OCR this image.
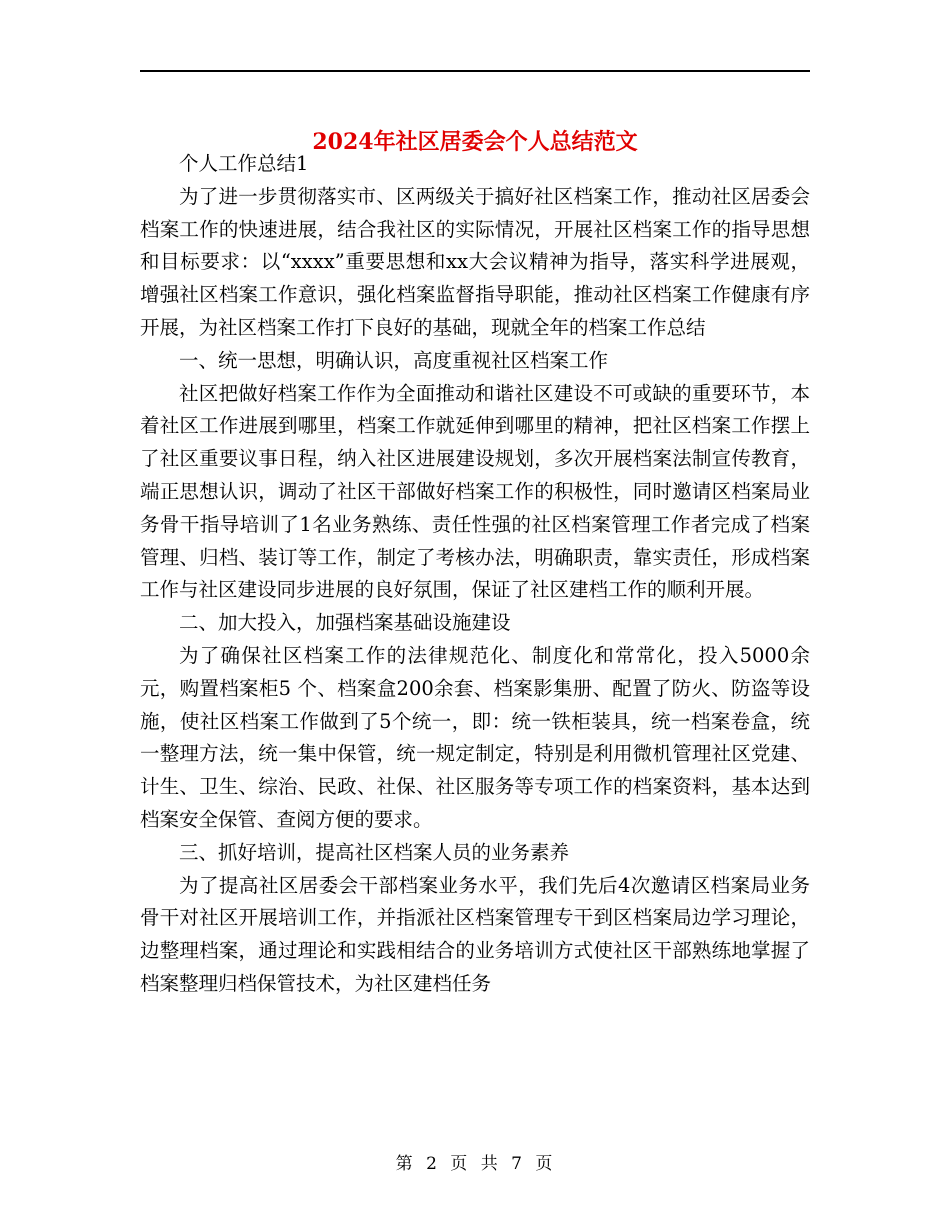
2024年社区居委会个人总结范文

个人工作总结1

为了进一步贯彻落实市、区两级关于搞好社区档案工作，推动社区居委会档案工作的快速进展，结合我社区的实际情况，开展社区档案工作的指导思想和目标要求：以“xxxx”重要思想和xx大会议精神为指导，落实科学进展观，增强社区档案工作意识，强化档案监督指导职能，推动社区档案工作健康有序开展，为社区档案工作打下良好的基础，现就全年的档案工作总结

一、统一思想，明确认识，高度重视社区档案工作

社区把做好档案工作作为全面推动和谐社区建设不可或缺的重要环节，本着社区工作进展到哪里，档案工作就延伸到哪里的精神，把社区档案工作摆上了社区重要议事日程，纳入社区进展建设规划，多次开展档案法制宣传教育，端正思想认识，调动了社区干部做好档案工作的积极性，同时邀请区档案局业务骨干指导培训了1名业务熟练、责任性强的社区档案管理工作者完成了档案管理、归档、装订等工作，制定了考核办法，明确职责，靠实责任，形成档案工作与社区建设同步进展的良好氛围，保证了社区建档工作的顺利开展。

二、加大投入，加强档案基础设施建设

为了确保社区档案工作的法律规范化、制度化和常常化，投入5000余元，购置档案柜5 个、档案盒200余套、档案影集册、配置了防火、防盗等设施，使社区档案工作做到了5个统一，即：统一铁柜装具，统一档案卷盒，统一整理方法，统一集中保管，统一规定制定，特别是利用微机管理社区党建、计生、卫生、综治、民政、社保、社区服务等专项工作的档案资料，基本达到档案安全保管、查阅方便的要求。

三、抓好培训，提高社区档案人员的业务素养

为了提高社区居委会干部档案业务水平，我们先后4次邀请区档案局业务骨干对社区开展培训工作，并指派社区档案管理专干到区档案局边学习理论，边整理档案，通过理论和实践相结合的业务培训方式使社区干部熟练地掌握了档案整理归档保管技术，为社区建档任务

第 2 页 共 7 页
